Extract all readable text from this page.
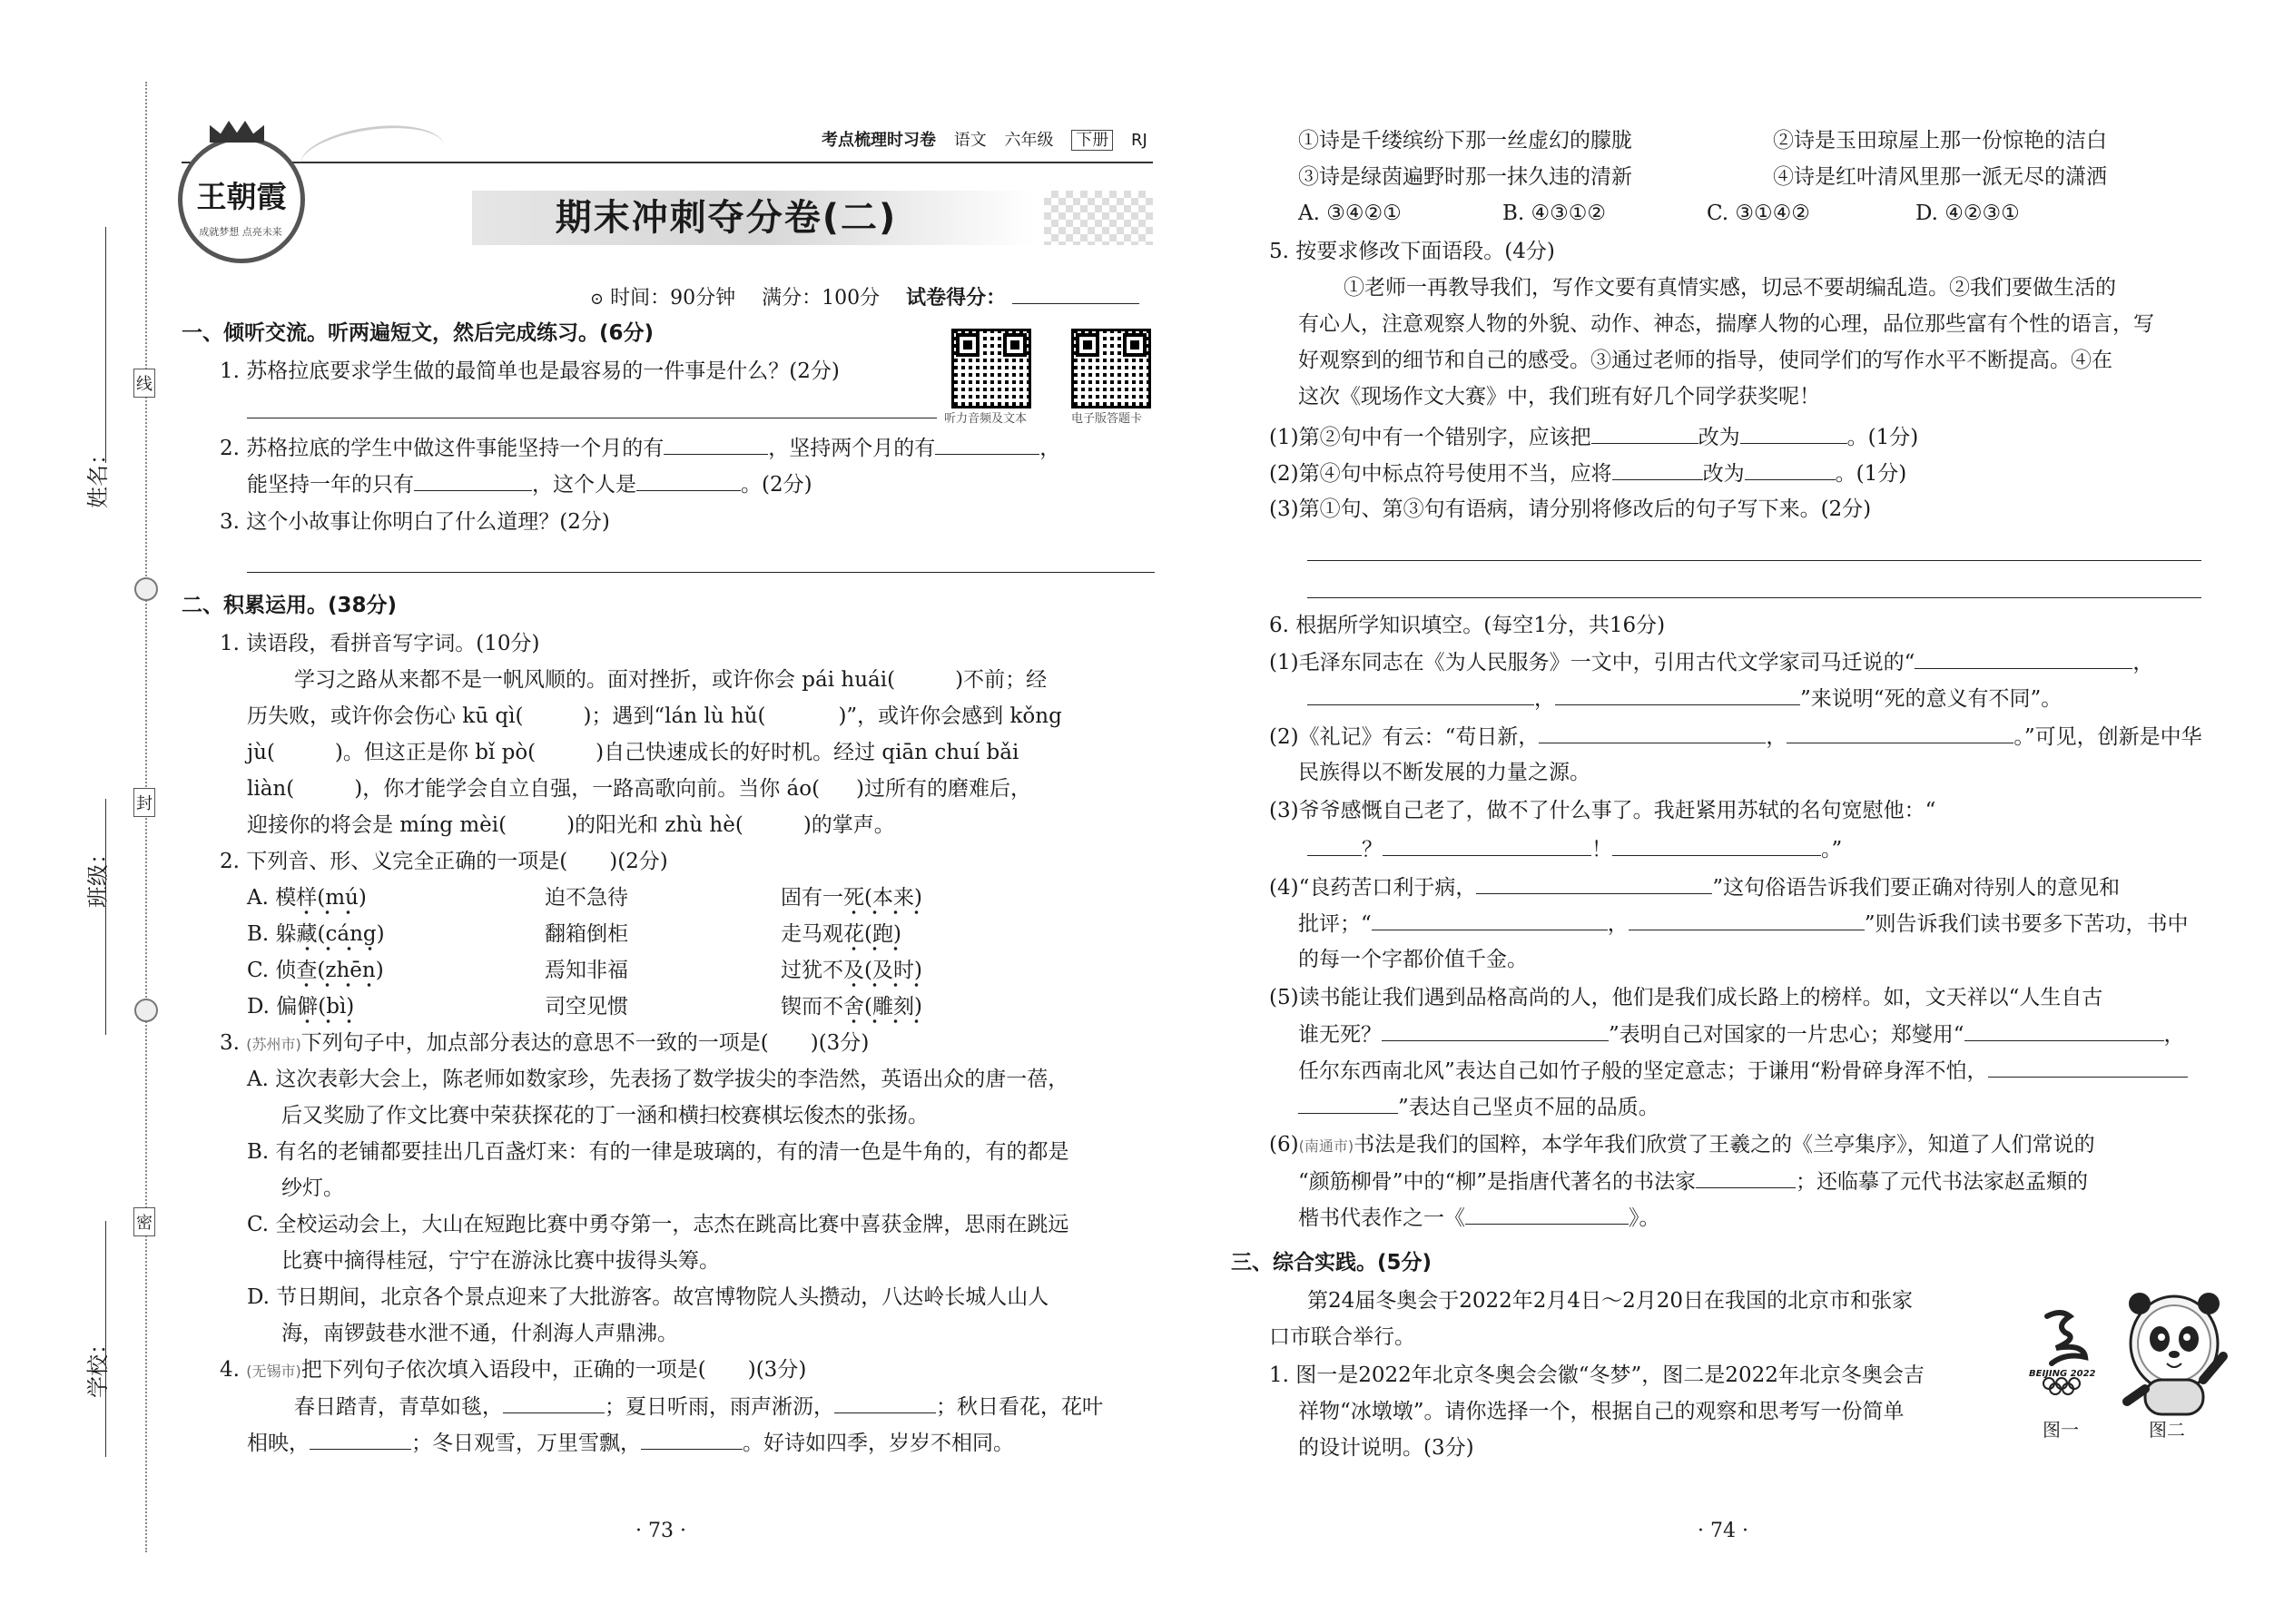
姓名：
班级：
学校：
线
封
密
考点梳理时习卷 语文 六年级 下册 RJ
王朝霞
成就梦想 点亮未来	期末冲刺夺分卷(二)
⊙ 时间：90分钟 满分：100分 试卷得分：
听力音频及文本	电子版答题卡
一、倾听交流。听两遍短文，然后完成练习。(6分)
1. 苏格拉底要求学生做的最简单也是最容易的一件事是什么？(2分)
2. 苏格拉底的学生中做这件事能坚持一个月的有	，坚持两个月的有	，
能坚持一年的只有	，这个人是	。(2分)
3. 这个小故事让你明白了什么道理？(2分)
二、积累运用。(38分)
1. 读语段，看拼音写字词。(10分)
学习之路从来都不是一帆风顺的。面对挫折，或许你会 pái huái(	)不前；经
历失败，或许你会伤心 kū qì(	)；遇到“lán lù hǔ(	)”，或许你会感到 kǒng
jù(	)。但这正是你 bǐ pò(	)自己快速成长的好时机。经过 qiān chuí bǎi
liàn(	)，你才能学会自立自强，一路高歌向前。当你 áo( )过所有的磨难后，
迎接你的将会是 míng mèi(	)的阳光和 zhù hè(	)的掌声。
2. 下列音、形、义完全正确的一项是(　　)(2分)
A. 模样(mú)	迫不急待	固有一死(本来)
B. 躲藏(cáng)	翻箱倒柜	走马观花(跑)
C. 侦查(zhēn)	焉知非福	过犹不及(及时)
D. 偏僻(bì)	司空见惯	锲而不舍(雕刻)
3. (苏州市)下列句子中，加点部分表达的意思不一致的一项是(　　)(3分)
A. 这次表彰大会上，陈老师如数家珍，先表扬了数学拔尖的李浩然，英语出众的唐一蓓，
后又奖励了作文比赛中荣获探花的丁一涵和横扫校赛棋坛俊杰的张扬。
B. 有名的老铺都要挂出几百盏灯来：有的一律是玻璃的，有的清一色是牛角的，有的都是
纱灯。
C. 全校运动会上，大山在短跑比赛中勇夺第一，志杰在跳高比赛中喜获金牌，思雨在跳远
比赛中摘得桂冠，宁宁在游泳比赛中拔得头筹。
D. 节日期间，北京各个景点迎来了大批游客。故宫博物院人头攒动，八达岭长城人山人
海，南锣鼓巷水泄不通，什刹海人声鼎沸。
4. (无锡市)把下列句子依次填入语段中，正确的一项是(　　)(3分)
春日踏青，青草如毯，	；夏日听雨，雨声淅沥，	；秋日看花，花叶
相映，	；冬日观雪，万里雪飘，	。好诗如四季，岁岁不相同。
· 73 ·
①诗是千缕缤纷下那一丝虚幻的朦胧	②诗是玉田琼屋上那一份惊艳的洁白
③诗是绿茵遍野时那一抹久违的清新	④诗是红叶清风里那一派无尽的潇洒
A. ③④②①	B. ④③①②	C. ③①④②	D. ④②③①
5. 按要求修改下面语段。(4分)
①老师一再教导我们，写作文要有真情实感，切忌不要胡编乱造。②我们要做生活的
有心人，注意观察人物的外貌、动作、神态，揣摩人物的心理，品位那些富有个性的语言，写
好观察到的细节和自己的感受。③通过老师的指导，使同学们的写作水平不断提高。④在
这次《现场作文大赛》中，我们班有好几个同学获奖呢！
(1)第②句中有一个错别字，应该把	改为	。(1分)
(2)第④句中标点符号使用不当，应将	改为	。(1分)
(3)第①句、第③句有语病，请分别将修改后的句子写下来。(2分)
6. 根据所学知识填空。(每空1分，共16分)
(1)毛泽东同志在《为人民服务》一文中，引用古代文学家司马迁说的“	，
，	”来说明“死的意义有不同”。
(2)《礼记》有云：“苟日新，	，	。”可见，创新是中华
民族得以不断发展的力量之源。
(3)爷爷感慨自己老了，做不了什么事了。我赶紧用苏轼的名句宽慰他：“
？	！	。”
(4)“良药苦口利于病，	”这句俗语告诉我们要正确对待别人的意见和
批评；“	，	”则告诉我们读书要多下苦功，书中
的每一个字都价值千金。
(5)读书能让我们遇到品格高尚的人，他们是我们成长路上的榜样。如，文天祥以“人生自古
谁无死？	”表明自己对国家的一片忠心；郑燮用“	，
任尔东西南北风”表达自己如竹子般的坚定意志；于谦用“粉骨碎身浑不怕，
”表达自己坚贞不屈的品质。
(6)(南通市)书法是我们的国粹，本学年我们欣赏了王羲之的《兰亭集序》，知道了人们常说的
“颜筋柳骨”中的“柳”是指唐代著名的书法家	；还临摹了元代书法家赵孟頫的
楷书代表作之一《	》。
三、综合实践。(5分)
第24届冬奥会于2022年2月4日～2月20日在我国的北京市和张家
口市联合举行。
1. 图一是2022年北京冬奥会会徽“冬梦”，图二是2022年北京冬奥会吉
祥物“冰墩墩”。请你选择一个，根据自己的观察和思考写一份简单
的设计说明。(3分)
BEIJING 2022
图一	图二
· 74 ·
